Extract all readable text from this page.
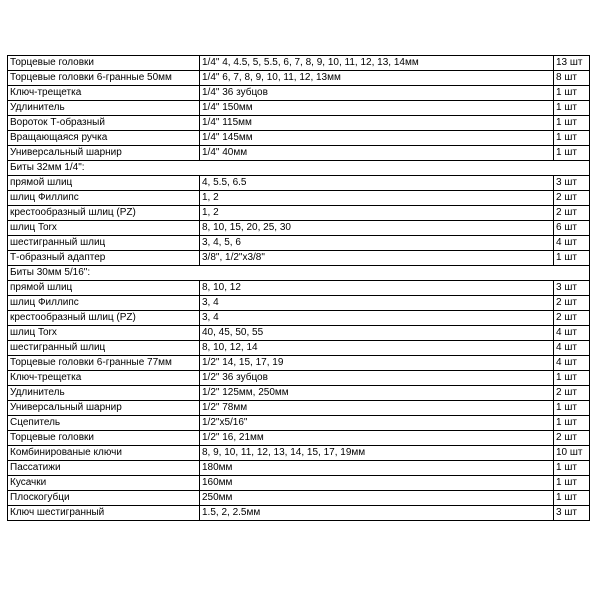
Торцевые головки	1/4" 4, 4.5, 5, 5.5, 6, 7, 8, 9, 10, 11, 12, 13, 14мм	13 шт
Торцевые головки 6-гранные 50мм	1/4" 6, 7, 8, 9, 10, 11, 12, 13мм	8 шт
Ключ-трещетка	1/4" 36 зубцов	1 шт
Удлинитель	1/4" 150мм	1 шт
Вороток Т-образный	1/4" 115мм	1 шт
Вращающаяся ручка	1/4" 145мм	1 шт
Универсальный шарнир	1/4" 40мм	1 шт
Биты 32мм 1/4":		
прямой шлиц	4, 5.5, 6.5	3 шт
шлиц Филлипс	1, 2	2 шт
крестообразный шлиц (PZ)	1, 2	2 шт
шлиц Torx	8, 10, 15, 20, 25, 30	6 шт
шестигранный шлиц	3, 4, 5, 6	4 шт
Т-образный адаптер	3/8", 1/2"х3/8"	1 шт
Биты 30мм 5/16":		
прямой шлиц	8, 10, 12	3 шт
шлиц Филлипс	3, 4	2 шт
крестообразный шлиц (PZ)	3, 4	2 шт
шлиц Torx	40, 45, 50, 55	4 шт
шестигранный шлиц	8, 10, 12, 14	4 шт
Торцевые головки 6-гранные 77мм	1/2" 14, 15, 17, 19	4 шт
Ключ-трещетка	1/2" 36 зубцов	1 шт
Удлинитель	1/2" 125мм, 250мм	2 шт
Универсальный шарнир	1/2" 78мм	1 шт
Сцепитель	1/2"х5/16"	1 шт
Торцевые головки	1/2" 16, 21мм	2 шт
Комбинированые ключи	8, 9, 10, 11, 12, 13, 14, 15, 17, 19мм	10 шт
Пассатижи	180мм	1 шт
Кусачки	160мм	1 шт
Плоскогубци	250мм	1 шт
Ключ шестигранный	1.5, 2, 2.5мм	3 шт
